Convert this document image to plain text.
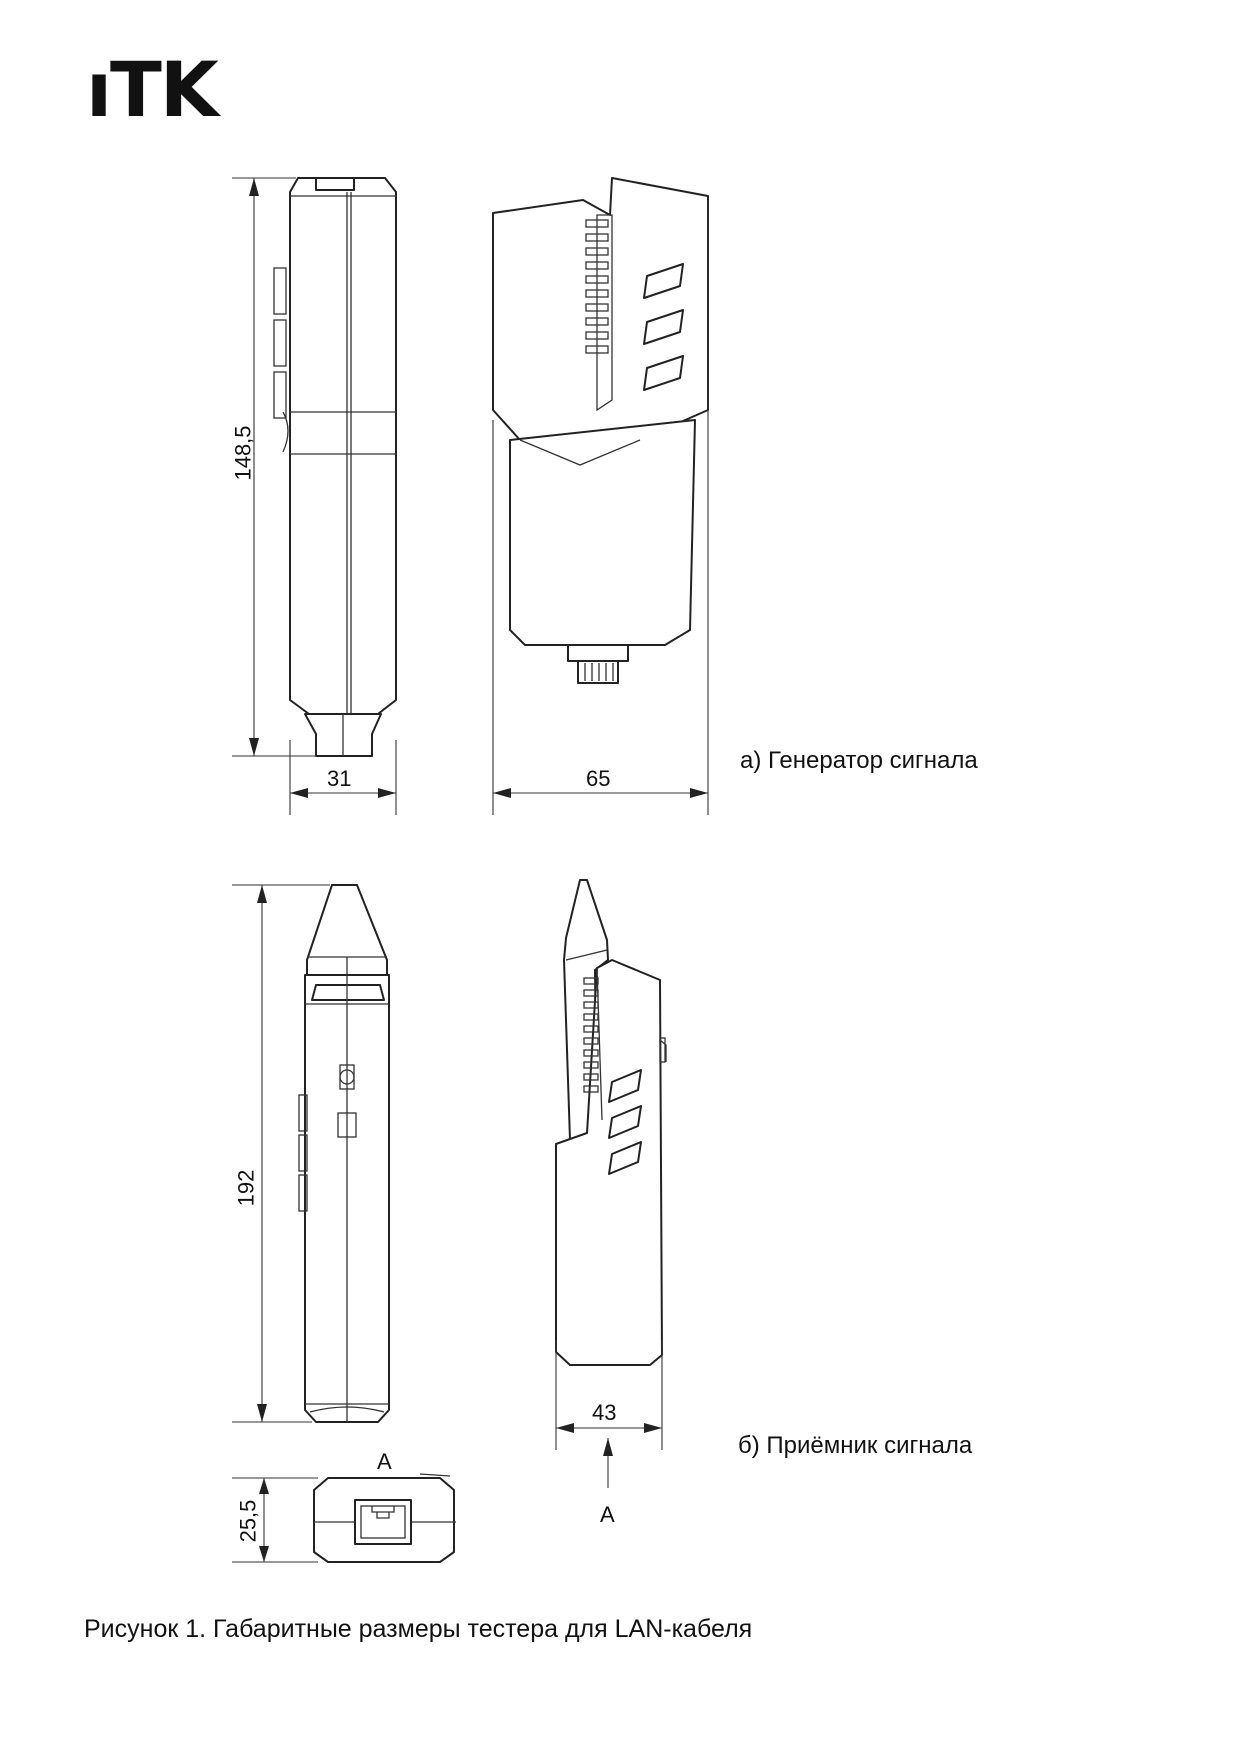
ıTK
148,5
31	65
а) Генератор сигнала
192
43
б) Приёмник сигнала
25,5
А
А
Рисунок 1. Габаритные размеры тестера для LAN-кабеля
